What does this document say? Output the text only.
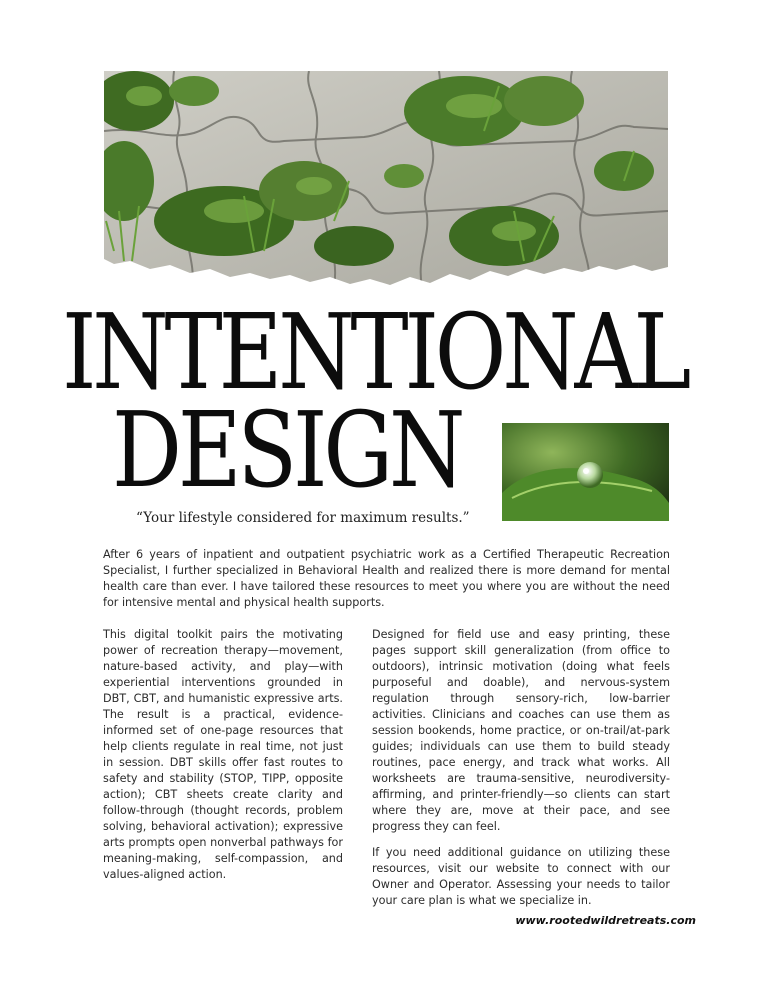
INTENTIONAL
DESIGN
“Your lifestyle considered for maximum results.”

After 6 years of inpatient and outpatient psychiatric work as a Certified Therapeutic Recreation Specialist, I further specialized in Behavioral Health and realized there is more demand for mental health care than ever. I have tailored these resources to meet you where you are without the need for intensive mental and physical health supports.

This digital toolkit pairs the motivating power of recreation therapy—movement, nature-based activity, and play—with experiential interventions grounded in DBT, CBT, and humanistic expressive arts. The result is a practical, evidence-informed set of one-page resources that help clients regulate in real time, not just in session. DBT skills offer fast routes to safety and stability (STOP, TIPP, opposite action); CBT sheets create clarity and follow-through (thought records, problem solving, behavioral activation); expressive arts prompts open nonverbal pathways for meaning-making, self-compassion, and values-aligned action.

Designed for field use and easy printing, these pages support skill generalization (from office to outdoors), intrinsic motivation (doing what feels purposeful and doable), and nervous-system regulation through sensory-rich, low-barrier activities. Clinicians and coaches can use them as session bookends, home practice, or on-trail/at-park guides; individuals can use them to build steady routines, pace energy, and track what works. All worksheets are trauma-sensitive, neurodiversity-affirming, and printer-friendly—so clients can start where they are, move at their pace, and see progress they can feel.

If you need additional guidance on utilizing these resources, visit our website to connect with our Owner and Operator. Assessing your needs to tailor your care plan is what we specialize in.

www.rootedwildretreats.com
